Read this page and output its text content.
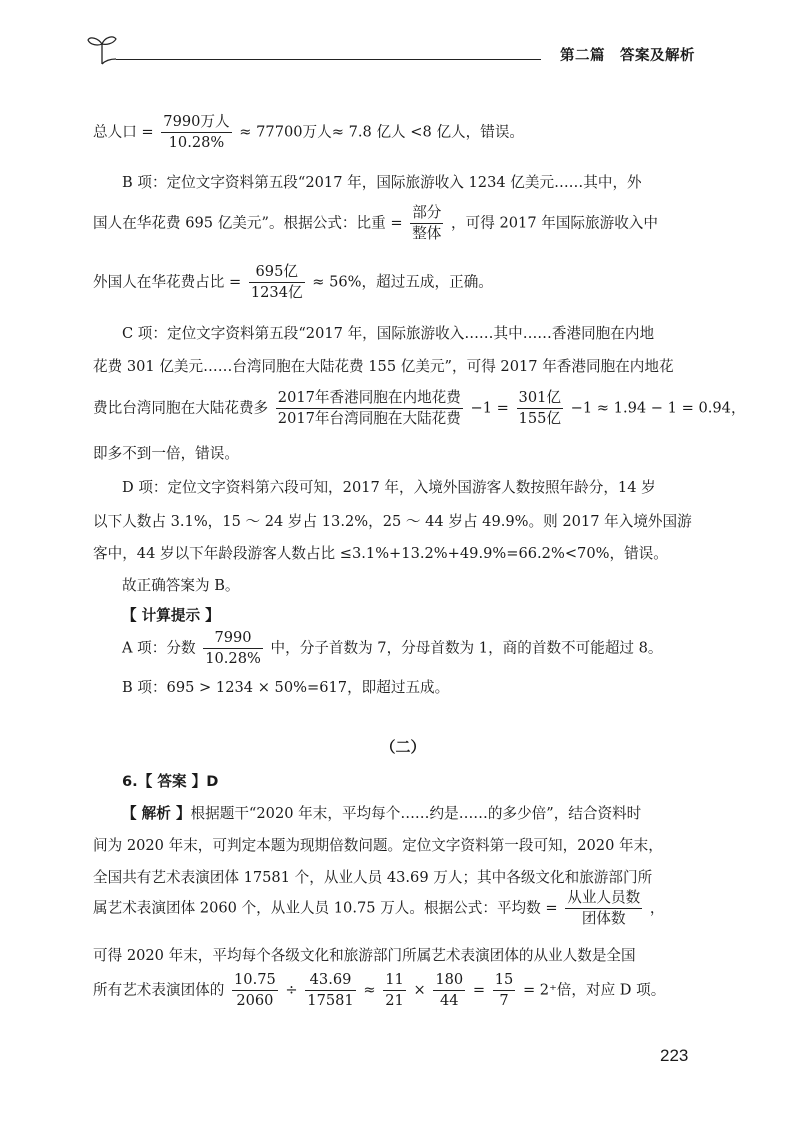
第二篇　答案及解析
总人口 = $\frac{\text{7990万人}}{10.28\%} \approx 77700$万人≈ 7.8 亿人 <8 亿人，错误。
B 项：定位文字资料第五段“2017 年，国际旅游收入 1234 亿美元……其中，外
国人在华花费 695 亿美元”。根据公式：比重 = $\frac{\text{部分}}{\text{整体}}$ ，可得 2017 年国际旅游收入中
外国人在华花费占比 = $\frac{\text{695亿}}{\text{1234亿}} \approx 56\%$，超过五成，正确。
C 项：定位文字资料第五段“2017 年，国际旅游收入……其中……香港同胞在内地
花费 301 亿美元……台湾同胞在大陆花费 155 亿美元”，可得 2017 年香港同胞在内地花
费比台湾同胞在大陆花费多 $\frac{\text{2017年香港同胞在内地花费}}{\text{2017年台湾同胞在大陆花费}} -1 = \frac{\text{301亿}}{\text{155亿}} -1 \approx 1.94 - 1 = 0.94$，
即多不到一倍，错误。
D 项：定位文字资料第六段可知，2017 年，入境外国游客人数按照年龄分，14 岁
以下人数占 3.1%，15 ～ 24 岁占 13.2%，25 ～ 44 岁占 49.9%。则 2017 年入境外国游
客中，44 岁以下年龄段游客人数占比 ≤3.1%+13.2%+49.9%=66.2%<70%，错误。
故正确答案为 B。
【 计算提示 】
A 项：分数 $\frac{7990}{10.28\%}$ 中，分子首数为 7，分母首数为 1，商的首数不可能超过 8。
B 项：695 > 1234 × 50%=617，即超过五成。
（二）
6.【 答案 】D
【 解析 】根据题干“2020 年末，平均每个……约是……的多少倍”，结合资料时
间为 2020 年末，可判定本题为现期倍数问题。定位文字资料第一段可知，2020 年末，
全国共有艺术表演团体 17581 个，从业人员 43.69 万人；其中各级文化和旅游部门所
属艺术表演团体 2060 个，从业人员 10.75 万人。根据公式：平均数 = $\frac{\text{从业人员数}}{\text{团体数}}$ ，
可得 2020 年末，平均每个各级文化和旅游部门所属艺术表演团体的从业人数是全国
所有艺术表演团体的 $\frac{10.75}{2060} \div \frac{43.69}{17581} \approx \frac{11}{21} \times \frac{180}{44} = \frac{15}{7} = 2^+$倍，对应 D 项。
223
